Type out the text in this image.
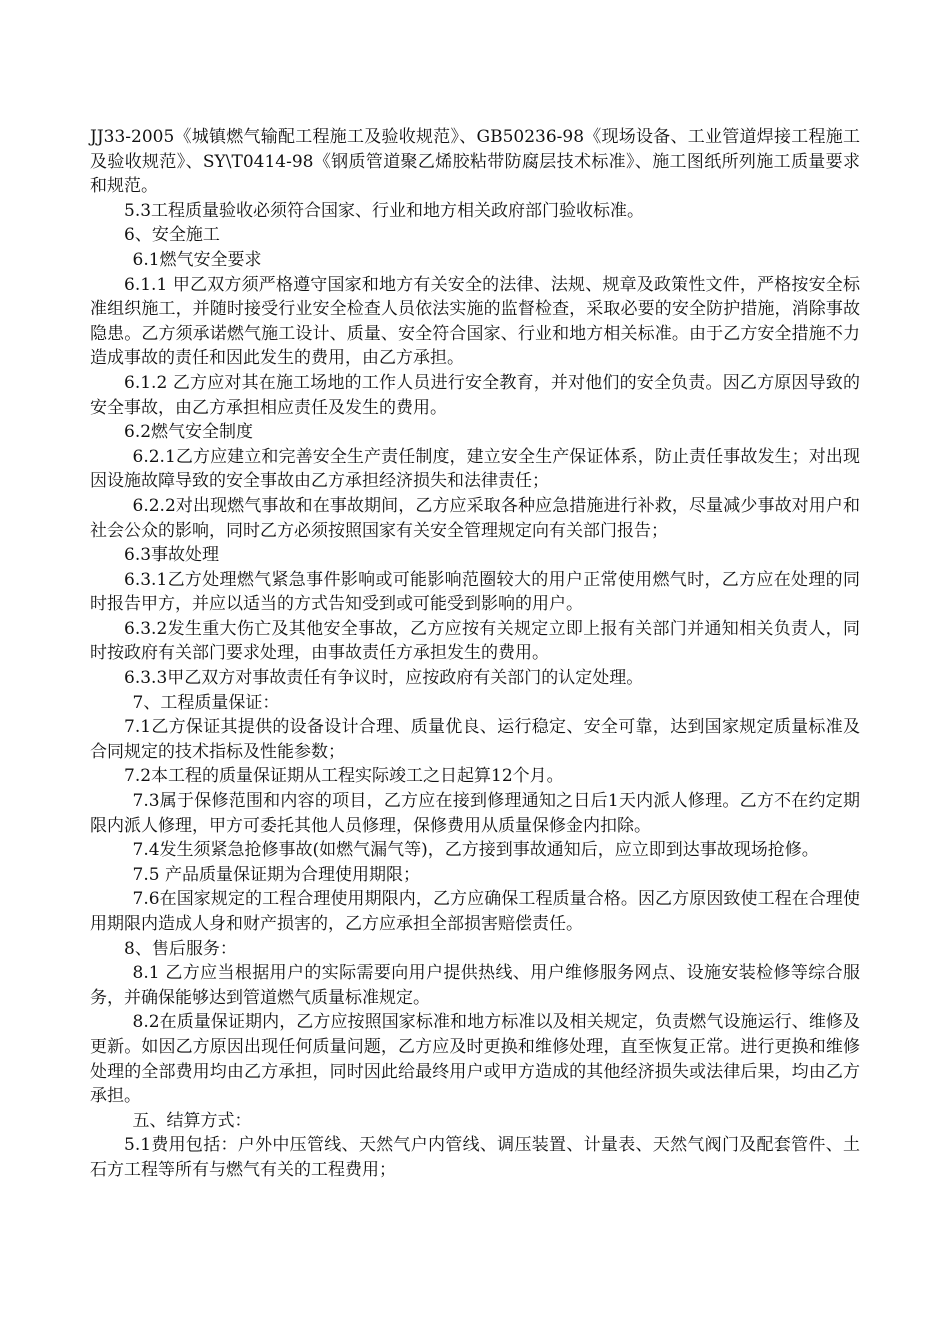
JJ33-2005《城镇燃气输配工程施工及验收规范》、GB50236-98《现场设备、工业管道焊接工程施工及验收规范》、SY\T0414-98《钢质管道聚乙烯胶粘带防腐层技术标准》、施工图纸所列施工质量要求和规范。

5.3工程质量验收必须符合国家、行业和地方相关政府部门验收标准。

6、安全施工

6.1燃气安全要求

6.1.1 甲乙双方须严格遵守国家和地方有关安全的法律、法规、规章及政策性文件，严格按安全标准组织施工，并随时接受行业安全检查人员依法实施的监督检查，采取必要的安全防护措施，消除事故隐患。乙方须承诺燃气施工设计、质量、安全符合国家、行业和地方相关标准。由于乙方安全措施不力造成事故的责任和因此发生的费用，由乙方承担。

6.1.2 乙方应对其在施工场地的工作人员进行安全教育，并对他们的安全负责。因乙方原因导致的安全事故，由乙方承担相应责任及发生的费用。

6.2燃气安全制度

6.2.1乙方应建立和完善安全生产责任制度，建立安全生产保证体系，防止责任事故发生；对出现因设施故障导致的安全事故由乙方承担经济损失和法律责任；

6.2.2对出现燃气事故和在事故期间，乙方应采取各种应急措施进行补救，尽量减少事故对用户和社会公众的影响，同时乙方必须按照国家有关安全管理规定向有关部门报告；

6.3事故处理

6.3.1乙方处理燃气紧急事件影响或可能影响范圈较大的用户正常使用燃气时，乙方应在处理的同时报告甲方，并应以适当的方式告知受到或可能受到影响的用户。

6.3.2发生重大伤亡及其他安全事故，乙方应按有关规定立即上报有关部门并通知相关负责人，同时按政府有关部门要求处理，由事故责任方承担发生的费用。

6.3.3甲乙双方对事故责任有争议时，应按政府有关部门的认定处理。

7、工程质量保证：

7.1乙方保证其提供的设备设计合理、质量优良、运行稳定、安全可靠，达到国家规定质量标准及合同规定的技术指标及性能参数；

7.2本工程的质量保证期从工程实际竣工之日起算12个月。

7.3属于保修范围和内容的项目，乙方应在接到修理通知之日后1天内派人修理。乙方不在约定期限内派人修理，甲方可委托其他人员修理，保修费用从质量保修金内扣除。

7.4发生须紧急抢修事故(如燃气漏气等)，乙方接到事故通知后，应立即到达事故现场抢修。

7.5 产品质量保证期为合理使用期限；

7.6在国家规定的工程合理使用期限内，乙方应确保工程质量合格。因乙方原因致使工程在合理使用期限内造成人身和财产损害的，乙方应承担全部损害赔偿责任。

8、售后服务：

8.1 乙方应当根据用户的实际需要向用户提供热线、用户维修服务网点、设施安装检修等综合服务，并确保能够达到管道燃气质量标准规定。

8.2在质量保证期内，乙方应按照国家标准和地方标准以及相关规定，负责燃气设施运行、维修及更新。如因乙方原因出现任何质量问题，乙方应及时更换和维修处理，直至恢复正常。进行更换和维修处理的全部费用均由乙方承担，同时因此给最终用户或甲方造成的其他经济损失或法律后果，均由乙方承担。

五、结算方式：

5.1费用包括：户外中压管线、天然气户内管线、调压装置、计量表、天然气阀门及配套管件、土石方工程等所有与燃气有关的工程费用；
